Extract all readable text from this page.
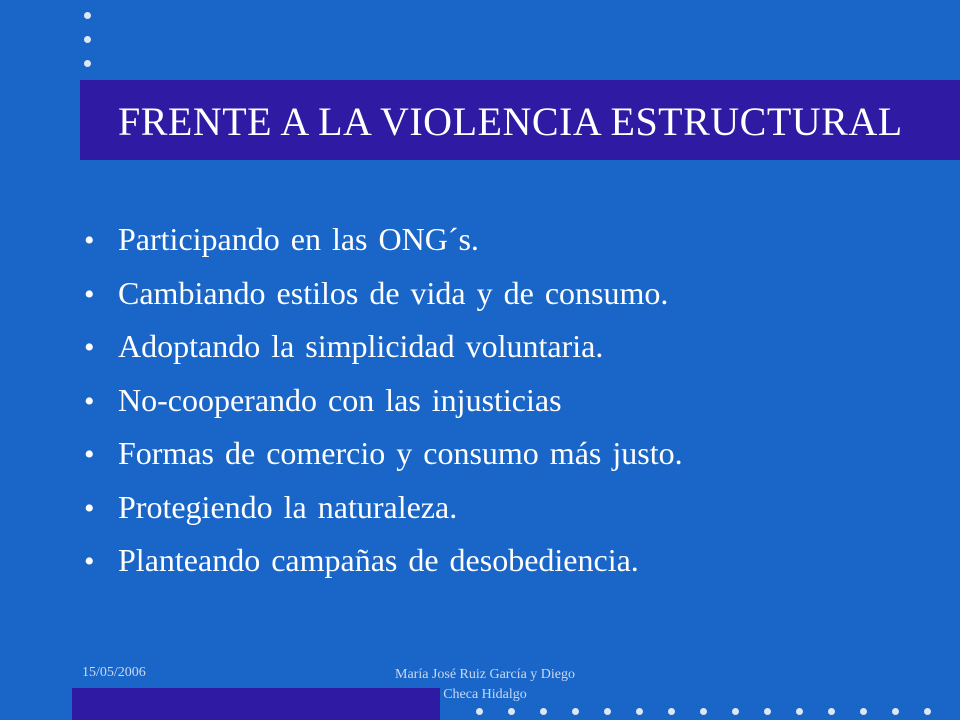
FRENTE A LA VIOLENCIA ESTRUCTURAL
• Participando en las ONG´s.
• Cambiando estilos de vida y de consumo.
• Adoptando la simplicidad voluntaria.
• No-cooperando con las injusticias
• Formas de comercio y consumo más justo.
• Protegiendo la naturaleza.
• Planteando campañas de desobediencia.
15/05/2006	María José Ruiz García y Diego
Checa Hidalgo
